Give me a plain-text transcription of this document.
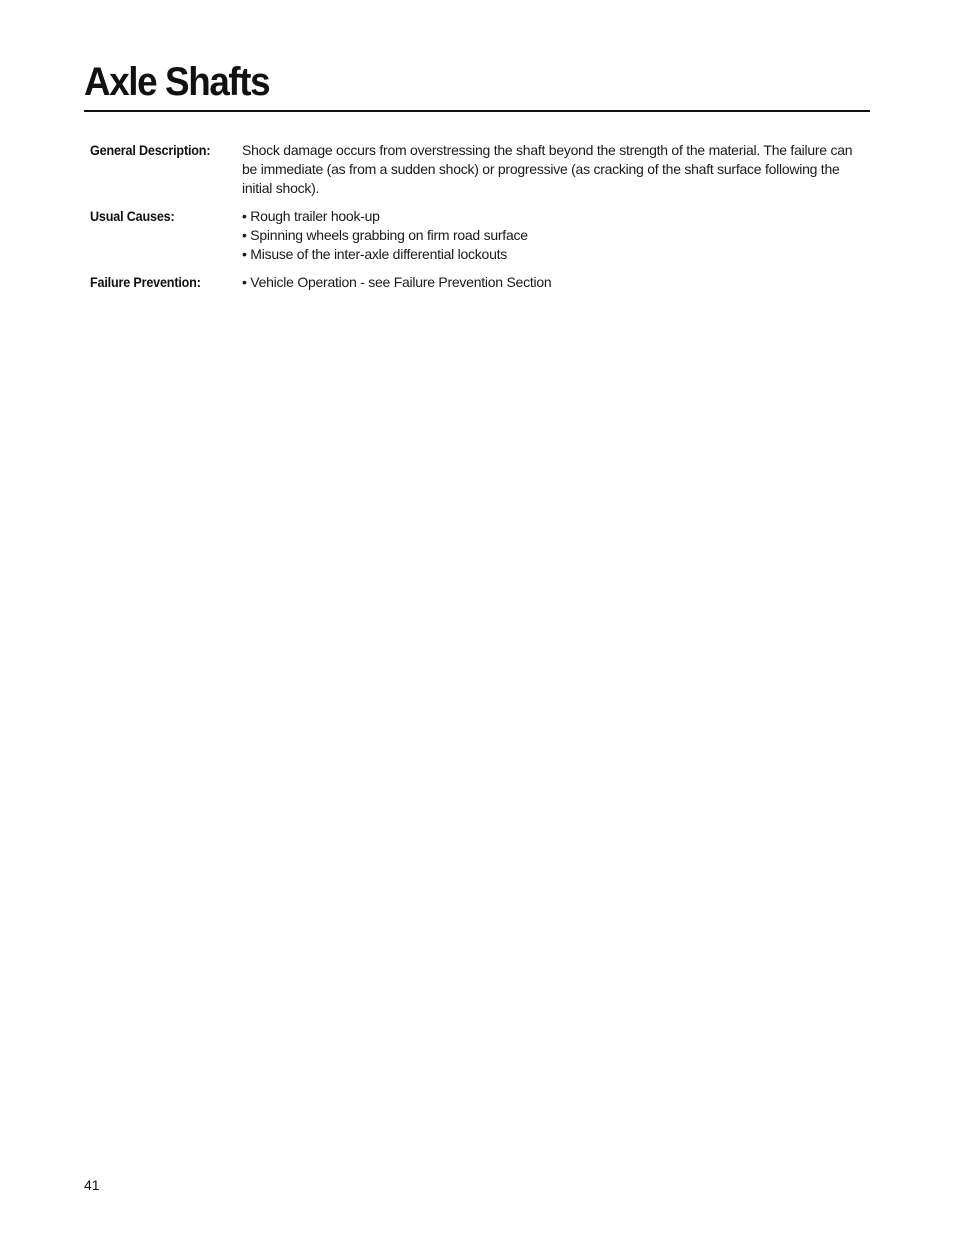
Axle Shafts
General Description:	Shock damage occurs from overstressing the shaft beyond the strength of the material. The failure can be immediate (as from a sudden shock) or progressive (as cracking of the shaft surface following the initial shock).

Usual Causes:	• Rough trailer hook-up
• Spinning wheels grabbing on firm road surface
• Misuse of the inter-axle differential lockouts
Failure Prevention:	• Vehicle Operation - see Failure Prevention Section
41
